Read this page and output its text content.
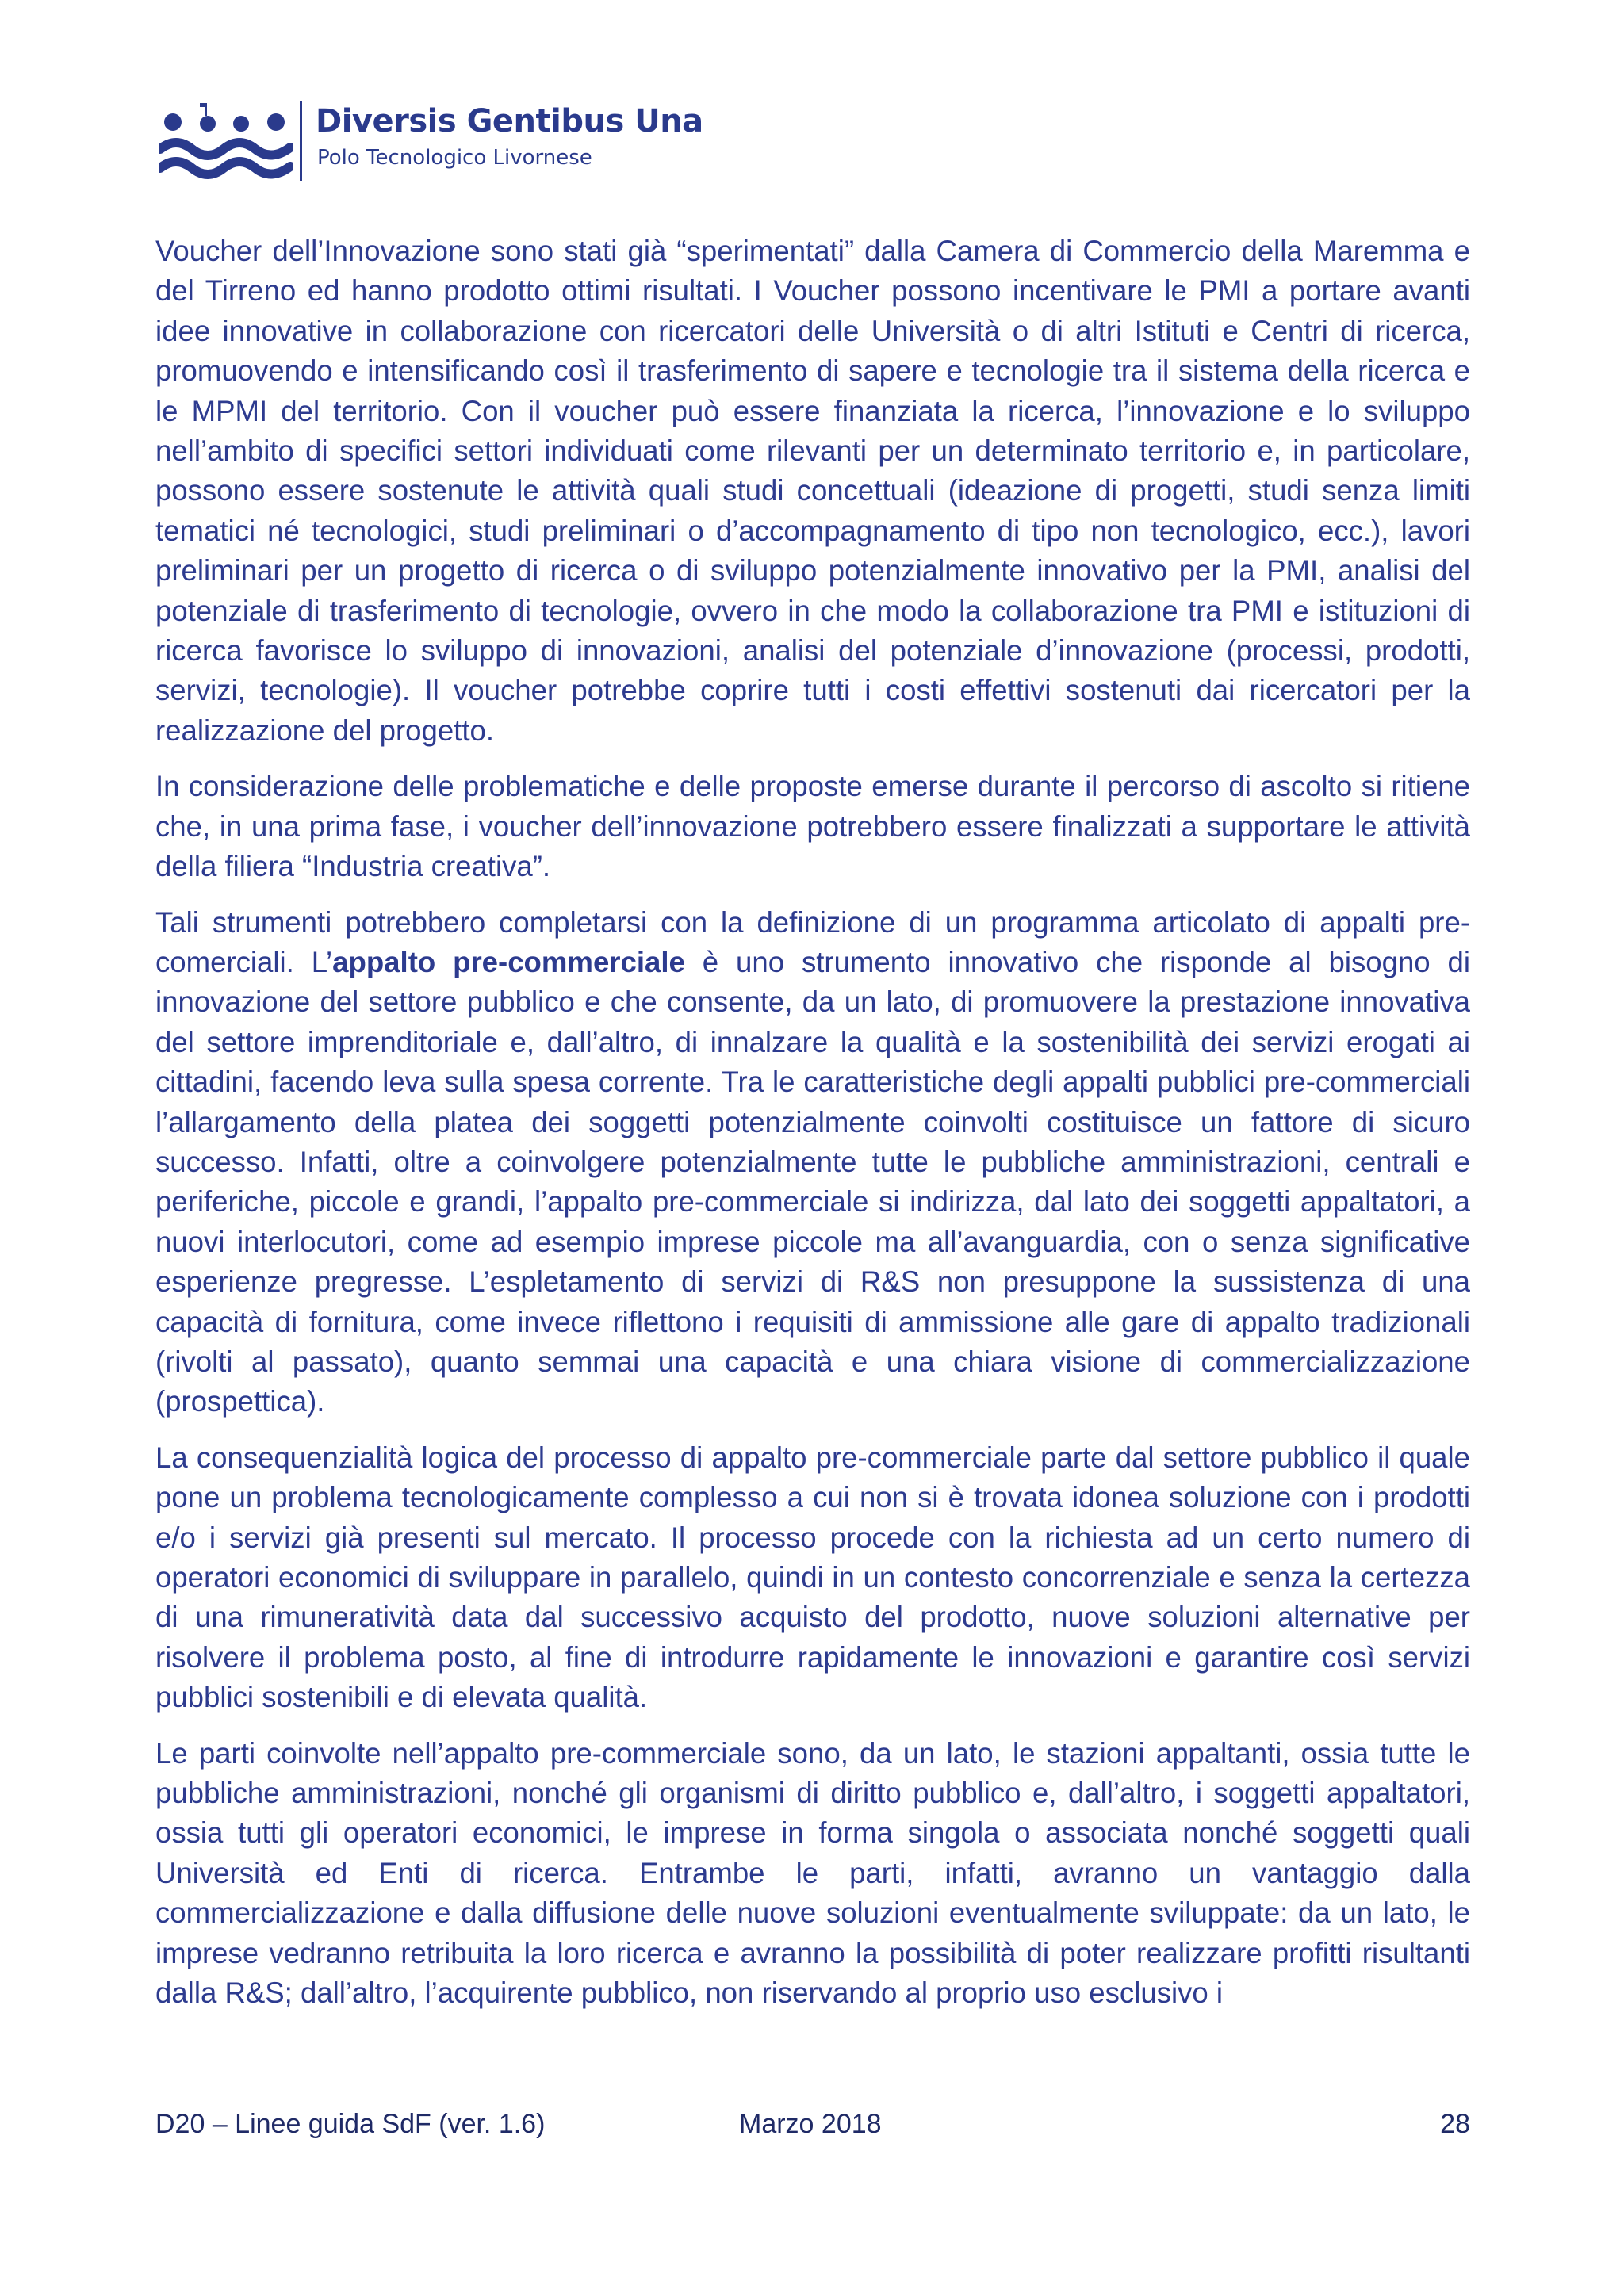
Diversis Gentibus Una
Polo Tecnologico Livornese

Voucher dell’Innovazione sono stati già “sperimentati” dalla Camera di Commercio della Maremma e del Tirreno ed hanno prodotto ottimi risultati. I Voucher possono incentivare le PMI a portare avanti idee innovative in collaborazione con ricercatori delle Università o di altri Istituti e Centri di ricerca, promuovendo e intensificando così il trasferimento di sapere e tecnologie tra il sistema della ricerca e le MPMI del territorio. Con il voucher può essere finanziata la ricerca, l’innovazione e lo sviluppo nell’ambito di specifici settori individuati come rilevanti per un determinato territorio e, in particolare, possono essere sostenute le attività quali studi concettuali (ideazione di progetti, studi senza limiti tematici né tecnologici, studi preliminari o d’accompagnamento di tipo non tecnologico, ecc.), lavori preliminari per un progetto di ricerca o di sviluppo potenzialmente innovativo per la PMI, analisi del potenziale di trasferimento di tecnologie, ovvero in che modo la collaborazione tra PMI e istituzioni di ricerca favorisce lo sviluppo di innovazioni, analisi del potenziale d’innovazione (processi, prodotti, servizi, tecnologie). Il voucher potrebbe coprire tutti i costi effettivi sostenuti dai ricercatori per la realizzazione del progetto.

In considerazione delle problematiche e delle proposte emerse durante il percorso di ascolto si ritiene che, in una prima fase, i voucher dell’innovazione potrebbero essere finalizzati a supportare le attività della filiera “Industria creativa”.

Tali strumenti potrebbero completarsi con la definizione di un programma articolato di appalti pre-comerciali. L’appalto pre-commerciale è uno strumento innovativo che risponde al bisogno di innovazione del settore pubblico e che consente, da un lato, di promuovere la prestazione innovativa del settore imprenditoriale e, dall’altro, di innalzare la qualità e la sostenibilità dei servizi erogati ai cittadini, facendo leva sulla spesa corrente. Tra le caratteristiche degli appalti pubblici pre-commerciali l’allargamento della platea dei soggetti potenzialmente coinvolti costituisce un fattore di sicuro successo. Infatti, oltre a coinvolgere potenzialmente tutte le pubbliche amministrazioni, centrali e periferiche, piccole e grandi, l’appalto pre-commerciale si indirizza, dal lato dei soggetti appaltatori, a nuovi interlocutori, come ad esempio imprese piccole ma all’avanguardia, con o senza significative esperienze pregresse. L’espletamento di servizi di R&S non presuppone la sussistenza di una capacità di fornitura, come invece riflettono i requisiti di ammissione alle gare di appalto tradizionali (rivolti al passato), quanto semmai una capacità e una chiara visione di commercializzazione (prospettica).

La consequenzialità logica del processo di appalto pre-commerciale parte dal settore pubblico il quale pone un problema tecnologicamente complesso a cui non si è trovata idonea soluzione con i prodotti e/o i servizi già presenti sul mercato. Il processo procede con la richiesta ad un certo numero di operatori economici di sviluppare in parallelo, quindi in un contesto concorrenziale e senza la certezza di una rimuneratività data dal successivo acquisto del prodotto, nuove soluzioni alternative per risolvere il problema posto, al fine di introdurre rapidamente le innovazioni e garantire così servizi pubblici sostenibili e di elevata qualità.

Le parti coinvolte nell’appalto pre-commerciale sono, da un lato, le stazioni appaltanti, ossia tutte le pubbliche amministrazioni, nonché gli organismi di diritto pubblico e, dall’altro, i soggetti appaltatori, ossia tutti gli operatori economici, le imprese in forma singola o associata nonché soggetti quali Università ed Enti di ricerca. Entrambe le parti, infatti, avranno un vantaggio dalla commercializzazione e dalla diffusione delle nuove soluzioni eventualmente sviluppate: da un lato, le imprese vedranno retribuita la loro ricerca e avranno la possibilità di poter realizzare profitti risultanti dalla R&S; dall’altro, l’acquirente pubblico, non riservando al proprio uso esclusivo i

D20 – Linee guida SdF (ver. 1.6)	Marzo 2018	28
